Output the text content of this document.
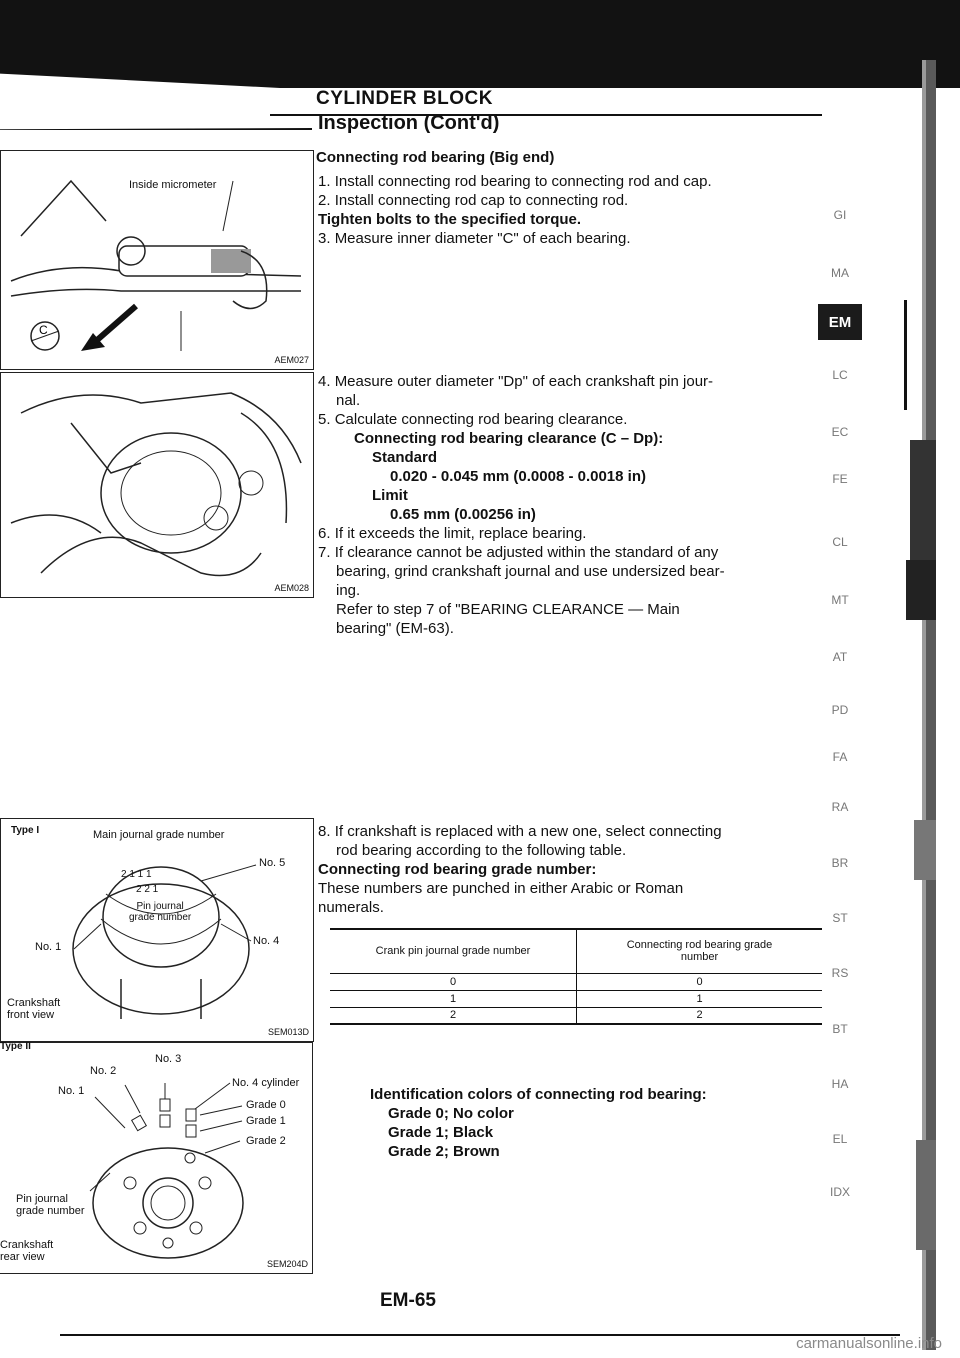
CYLINDER BLOCK
Inspection (Cont'd)
Connecting rod bearing (Big end)
1. Install connecting rod bearing to connecting rod and cap.
2. Install connecting rod cap to connecting rod.
Tighten bolts to the specified torque.
3. Measure inner diameter "C" of each bearing.
4. Measure outer diameter "Dp" of each crankshaft pin jour-
nal.
5. Calculate connecting rod bearing clearance.
Connecting rod bearing clearance (C – Dp):
Standard
0.020 - 0.045 mm (0.0008 - 0.0018 in)
Limit
0.65 mm (0.00256 in)
6. If it exceeds the limit, replace bearing.
7. If clearance cannot be adjusted within the standard of any
bearing, grind crankshaft journal and use undersized bear-
ing.
Refer to step 7 of "BEARING CLEARANCE — Main
bearing" (EM-63).
8. If crankshaft is replaced with a new one, select connecting
rod bearing according to the following table.
Connecting rod bearing grade number:
These numbers are punched in either Arabic or Roman
numerals.
Crank pin journal grade number	Connecting rod bearing grade
number

0	0
1	1
2	2
Identification colors of connecting rod bearing:
Grade 0; No color
Grade 1; Black
Grade 2; Brown
C
Inside micrometer
AEM027
AEM028
Type I	Main journal grade number
No. 5
2 1 1 1
2 2 1
Pin journal
grade number
No. 1	No. 4
Crankshaft
front view
SEM013D
Type II
No. 3
No. 2
No. 1
No. 4 cylinder
Grade 0
Grade 1
Grade 2
Pin journal
grade number
Crankshaft
rear view
SEM204D
GI
MA
LC
EC
FE
CL
MT
AT
PD
FA
RA
BR
ST
RS
BT
HA
EL
IDX
EM
EM-65
carmanualsonline.info
